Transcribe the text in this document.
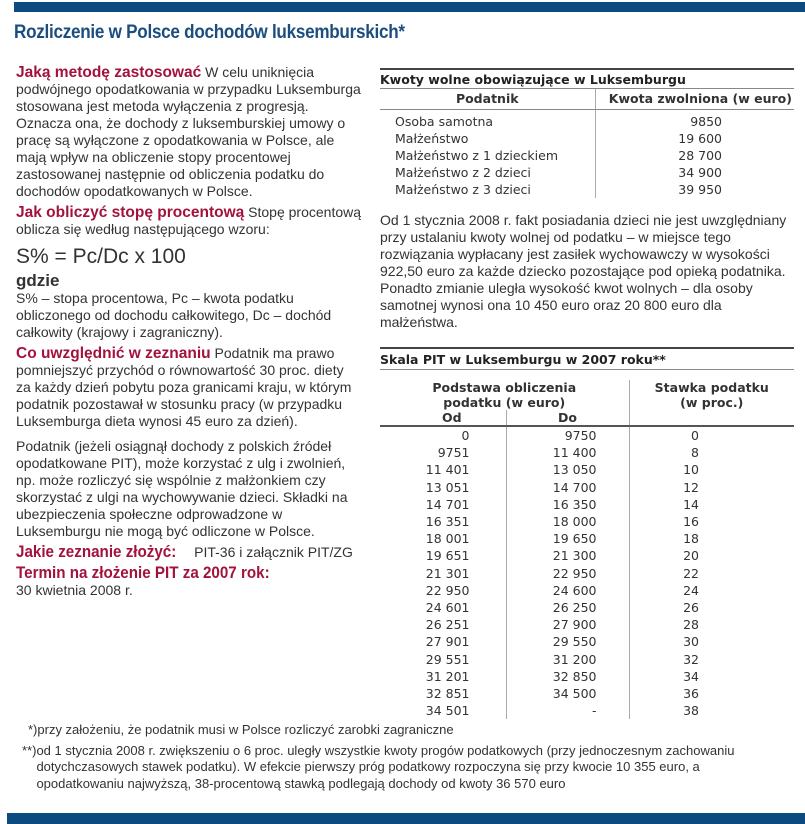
Rozliczenie w Polsce dochodów luksemburskich*

Jaką metodę zastosować W celu uniknięcia podwójnego opodatkowania w przypadku Luksemburga stosowana jest metoda wyłączenia z progresją. Oznacza ona, że dochody z luksemburskiej umowy o pracę są wyłączone z opodatkowania w Polsce, ale mają wpływ na obliczenie stopy procentowej zastosowanej następnie od obliczenia podatku do dochodów opodatkowanych w Polsce.

Jak obliczyć stopę procentową Stopę procentową oblicza się według następującego wzoru:

S% = Pc/Dc x 100
gdzie

S% – stopa procentowa, Pc – kwota podatku obliczonego od dochodu całkowitego, Dc – dochód całkowity (krajowy i zagraniczny).

Co uwzględnić w zeznaniu Podatnik ma prawo pomniejszyć przychód o równowartość 30 proc. diety za każdy dzień pobytu poza granicami kraju, w którym podatnik pozostawał w stosunku pracy (w przypadku Luksemburga dieta wynosi 45 euro za dzień).

Podatnik (jeżeli osiągnął dochody z polskich źródeł opodatkowane PIT), może korzystać z ulg i zwolnień, np. może rozliczyć się wspólnie z małżonkiem czy skorzystać z ulgi na wychowywanie dzieci. Składki na ubezpieczenia społeczne odprowadzone w Luksemburgu nie mogą być odliczone w Polsce.

Jakie zeznanie złożyć: PIT-36 i załącznik PIT/ZG

Termin na złożenie PIT za 2007 rok:
30 kwietnia 2008 r.

Kwoty wolne obowiązujące w Luksemburgu
Podatnik	Kwota zwolniona (w euro)
Osoba samotna	9850
Małżeństwo	19 600
Małżeństwo z 1 dzieckiem	28 700
Małżeństwo z 2 dzieci	34 900
Małżeństwo z 3 dzieci	39 950

Od 1 stycznia 2008 r. fakt posiadania dzieci nie jest uwzględniany przy ustalaniu kwoty wolnej od podatku – w miejsce tego rozwiązania wypłacany jest zasiłek wychowawczy w wysokości 922,50 euro za każde dziecko pozostające pod opieką podatnika. Ponadto zmianie uległa wysokość kwot wolnych – dla osoby samotnej wynosi ona 10 450 euro oraz 20 800 euro dla małżeństwa.

Skala PIT w Luksemburgu w 2007 roku**
Podstawa obliczenia
podatku (w euro)		Stawka podatku
(w proc.)
Od	Do	
0	9750	0
9751	11 400	8
11 401	13 050	10
13 051	14 700	12
14 701	16 350	14
16 351	18 000	16
18 001	19 650	18
19 651	21 300	20
21 301	22 950	22
22 950	24 600	24
24 601	26 250	26
26 251	27 900	28
27 901	29 550	30
29 551	31 200	32
31 201	32 850	34
32 851	34 500	36
34 501	-	38
*) przy założeniu, że podatnik musi w Polsce rozliczyć zarobki zagraniczne
**) od 1 stycznia 2008 r. zwiększeniu o 6 proc. uległy wszystkie kwoty progów podatkowych (przy jednoczesnym zachowaniu dotychczasowych stawek podatku). W efekcie pierwszy próg podatkowy rozpoczyna się przy kwocie 10 355 euro, a opodatkowaniu najwyższą, 38-procentową stawką podlegają dochody od kwoty 36 570 euro
